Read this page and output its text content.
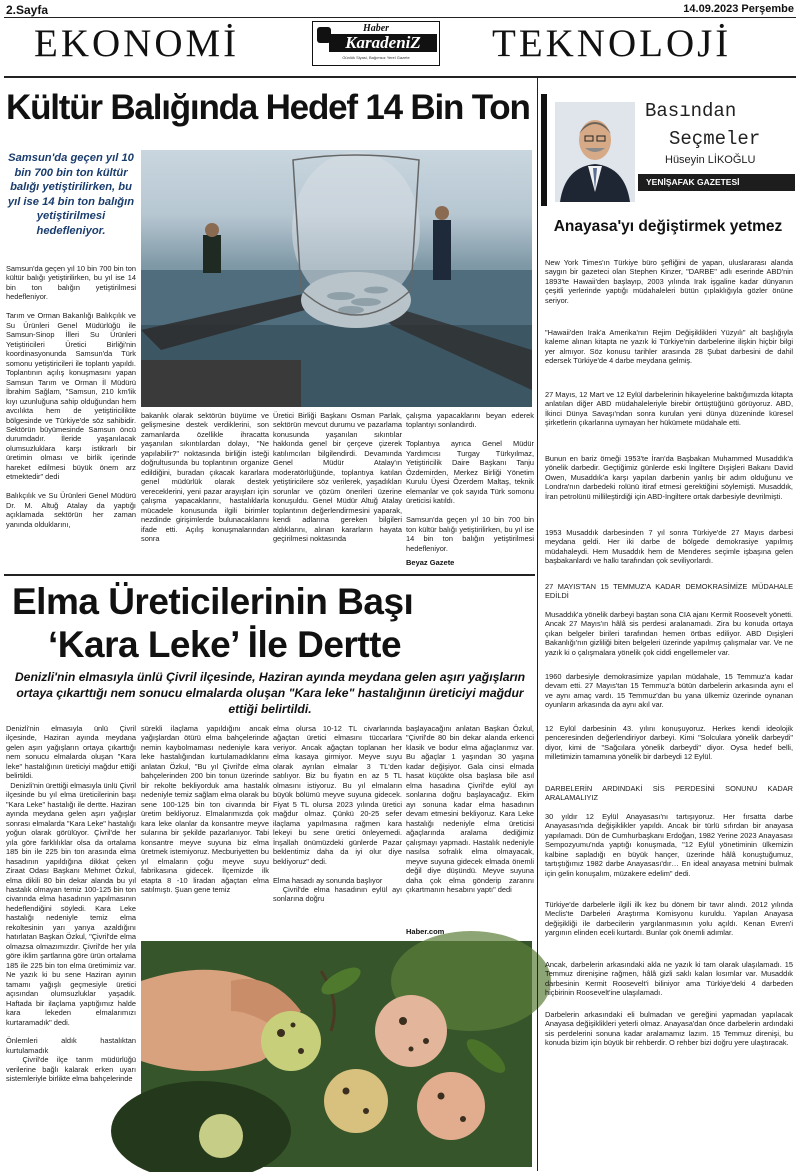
2.Sayfa	14.09.2023 Perşembe
EKONOMİ	TEKNOLOJİ
Haber
KaradeniZ
Günlük Siyasi, Bağımsız Yerel Gazete
Kültür Balığında Hedef 14 Bin Ton
Samsun'da geçen yıl 10 bin 700 bin ton kültür balığı yetiştirilirken, bu yıl ise 14 bin ton balığın yetiştirilmesi hedefleniyor.
Samsun'da geçen yıl 10 bin 700 bin ton kültür balığı yetiştirilirken, bu yıl ise 14 bin ton balığın yetiştirilmesi hedefleniyor.

Tarım ve Orman Bakanlığı Balıkçılık ve Su Ürünleri Genel Müdürlüğü ile Samsun-Sinop İlleri Su Ürünleri Yetiştiricileri Üretici Birliği'nin koordinasyonunda Samsun'da Türk somonu yetiştiricileri ile toplantı yapıldı. Toplantının açılış konuşmasını yapan Samsun Tarım ve Orman İl Müdürü İbrahim Sağlam, "Samsun, 210 km'lik kıyı uzunluğuna sahip olduğundan hem avcılıkta hem de yetiştiricilikte bölgesinde ve Türkiye'de söz sahibidir. Sektörün büyümesinde Samsun öncü durumdadır. İleride yaşanılacak olumsuzluklara karşı istikrarlı bir üretimin olması ve birlik içerinde hareket edilmesi büyük önem arz etmektedir" dedi

Balıkçılık ve Su Ürünleri Genel Müdürü Dr. M. Altuğ Atalay da yaptığı açıklamada sektörün her zaman yanında olduklarını,
bakanlık olarak sektörün büyüme ve gelişmesine destek verdiklerini, son zamanlarda özellikle ihracatta yaşanılan sıkıntılardan dolayı, "Ne yapılabilir?" noktasında birliğin isteği doğrultusunda bu toplantının organize edildiğini, buradan çıkacak kararlara genel müdürlük olarak destek vereceklerini, yeni pazar arayışları için çalışma yapacaklarını, hastalıklarla mücadele konusunda ilgili birimler nezdinde girişimlerde bulunacaklarını ifade etti. Açılış konuşmalarından sonra
Üretici Birliği Başkanı Osman Parlak, sektörün mevcut durumu ve pazarlama konusunda yaşanılan sıkıntılar hakkında genel bir çerçeve çizerek katılımcıları bilgilendirdi. Devamında Genel Müdür Atalay'ın moderatörlüğünde, toplantıya katılan yetiştiricilere söz verilerek, yaşadıkları sorunlar ve çözüm önerileri üzerine konuşuldu. Genel Müdür Altuğ Atalay toplantının değerlendirmesini yaparak, kendi adlarına gereken bilgileri aldıklarını, alınan kararların hayata geçirilmesi noktasında
çalışma yapacaklarını beyan ederek toplantıyı sonlandırdı.

Toplantıya ayrıca Genel Müdür Yardımcısı Turgay Türkyılmaz, Yetiştiricilik Daire Başkanı Tanju Özdemirden, Merkez Birliği Yönetim Kurulu Üyesi Özerdem Maltaş, teknik elemanlar ve çok sayıda Türk somonu üreticisi katıldı.

Samsun'da geçen yıl 10 bin 700 bin ton kültür balığı yetiştirilirken, bu yıl ise 14 bin ton balığın yetiştirilmesi hedefleniyor.
Beyaz Gazete
Elma Üreticilerinin Başı
‘Kara Leke’ İle Dertte
Denizli'nin elmasıyla ünlü Çivril ilçesinde, Haziran ayında meydana gelen aşırı yağışların ortaya çıkarttığı nem sonucu elmalarda oluşan "Kara leke" hastalığının üreticiyi mağdur ettiği belirtildi.
Denizli'nin elmasıyla ünlü Çivril ilçesinde, Haziran ayında meydana gelen aşırı yağışların ortaya çıkarttığı nem sonucu elmalarda oluşan "Kara leke" hastalığının üreticiyi mağdur ettiği belirtildi.
Denizli'nin ürettiği elmasıyla ünlü Çivril ilçesinde bu yıl elma üreticilerinin başı "Kara Leke" hastalığı ile dertte. Haziran ayında meydana gelen aşırı yağışlar sonrası elmalarda "Kara Leke" hastalığı yoğun olarak görülüyor. Çivril'de her yıla göre farklılıklar olsa da ortalama 185 bin ile 225 bin ton arasında elma hasadının yapıldığına dikkat çeken Ziraat Odası Başkanı Mehmet Özkul, elma dikili 80 bin dekar alanda bu yıl hastalık olmayan temiz 100-125 bin ton civarında elma hasadının yapılmasının hedeflendiğini söyledi. Kara Leke hastalığı nedeniyle temiz elma rekoltesinin yarı yarıya azaldığını hatırlatan Başkan Özkul, "Çivril'de elma olmazsa olmazımızdır. Çivril'de her yıla göre iklim şartlarına göre ürün ortalama 185 ile 225 bin ton elma üretimimiz var. Ne yazık ki bu sene Haziran ayının tamamı yağışlı geçmesiyle üretici açısından olumsuzluklar yaşadık. Haftada bir ilaçlama yaptığımız halde kara lekeden elmalarımızı kurtaramadık" dedi.

Önlemleri aldık hastalıktan kurtulamadık
Çivril'de ilçe tarım müdürlüğü verilerine bağlı kalarak erken uyarı sistemleriyle birlikte elma bahçelerinde
sürekli ilaçlama yapıldığını ancak yağışlardan ötürü elma bahçelerinde nemin kaybolmaması nedeniyle kara leke hastalığından kurtulamadıklarını anlatan Özkul, "Bu yıl Çivril'de elma bahçelerinden 200 bin tonun üzerinde bir rekolte bekliyorduk ama hastalık nedeniyle temiz sağlam elma olarak bu sene 100-125 bin ton civarında bir üretim bekliyoruz. Elmalarımızda çok kara leke olanlar da konsantre meyve sularına bir şekilde pazarlanıyor. Tabi konsantre meyve suyuna biz elma üretmek istemiyoruz. Mecburiyetten bu yıl elmaların çoğu meyve suyu fabrikasına gidecek. İlçemizde ilk etapta 8 -10 liradan ağaçtan elma satılmıştı. Şuan gene temiz
elma olursa 10-12 TL civarlarında ağaçtan üretici elmasını tüccarlara veriyor. Ancak ağaçtan toplanan her elma kasaya girmiyor. Meyve suyu olarak ayrılan elmalar 3 TL'den satılıyor. Biz bu fiyatın en az 5 TL olmasını istiyoruz. Bu yıl elmaların büyük bölümü meyve suyuna gidecek. Fiyat 5 TL olursa 2023 yılında üretici mağdur olmaz. Çünkü 20-25 sefer ilaçlama yapılmasına rağmen kara lekeyi bu sene üretici önleyemedi. İnşallah önümüzdeki günlerde Pazar beklentimiz daha da iyi olur diye bekliyoruz" dedi.

Elma hasadı ay sonunda başlıyor
Çivril'de elma hasadının eylül ayı sonlarına doğru
başlayacağını anlatan Başkan Özkul, "Çivril'de 80 bin dekar alanda erkenci klasik ve bodur elma ağaçlarımız var. Bu ağaçlar 1 yaşından 30 yaşına kadar değişiyor. Gala cinsi elmada hasat küçükte olsa başlasa bile asıl elma hasadına Çivril'de eylül ayı sonlarına doğru başlayacağız. Ekim ayı sonuna kadar elma hasadının devam etmesini bekliyoruz. Kara Leke hastalığı nedeniyle elma üreticisi ağaçlarında aralama dediğimiz çalışmayı yapmadı. Hastalık nedeniyle nasılsa sofralık elma olmayacak, meyve suyuna gidecek elmada önemli değil diye düşündü. Meyve suyuna daha çok elma gönderip zararını çıkartmanın hesabını yaptı" dedi
Haber.com
Basından
Seçmeler
Hüseyin LİKOĞLU
YENİŞAFAK GAZETESİ
Anayasa'yı değiştirmek yetmez

New York Times'ın Türkiye büro şefliğini de yapan, uluslararası alanda saygın bir gazeteci olan Stephen Kinzer, "DARBE" adlı eserinde ABD'nin 1893'te Hawaii'den başlayıp, 2003 yılında Irak işgaline kadar dünyanın çeşitli yerlerinde yaptığı müdahaleleri bütün çıplaklığıyla gözler önüne seriyor.

"Hawaii'den Irak'a Amerika'nın Rejim Değişiklikleri Yüzyılı" alt başlığıyla kaleme alınan kitapta ne yazık ki Türkiye'nin darbelerine ilişkin hiçbir bilgi yer almıyor. Söz konusu tarihler arasında 28 Şubat darbesini de dahil edersek Türkiye'de 4 darbe meydana gelmiş.

27 Mayıs, 12 Mart ve 12 Eylül darbelerinin hikayelerine baktığımızda kitapta anlatılan diğer ABD müdahaleleriyle birebir örtüştüğünü görüyoruz. ABD, İkinci Dünya Savaşı'ndan sonra kurulan yeni dünya düzeninde küresel şirketlerin çıkarlarına uymayan her hükümete müdahale etti.

Bunun en bariz örneği 1953'te İran'da Başbakan Muhammed Musaddık'a yönelik darbedir. Geçtiğimiz günlerde eski İngiltere Dışişleri Bakanı David Owen, Musaddık'a karşı yapılan darbenin yanlış bir adım olduğunu ve Londra'nın darbedeki rolünü itiraf etmesi gerektiğini söylemişti. Musaddık, İran petrolünü millileştirdiği için ABD-İngiltere ortak darbesiyle devrilmişti.

1953 Musaddık darbesinden 7 yıl sonra Türkiye'de 27 Mayıs darbesi meydana geldi. Her iki darbe de bölgede demokrasiye yapılmış müdahaleydi. Hem Musaddık hem de Menderes seçimle işbaşına gelen başbakanlardı ve halkı tarafından çok seviliyorlardı.

27 MAYIS'TAN 15 TEMMUZ'A KADAR DEMOKRASİMİZE MÜDAHALE EDİLDİ

Musaddık'a yönelik darbeyi baştan sona CIA ajanı Kermit Roosevelt yönetti. Ancak 27 Mayıs'ın hâlâ sis perdesi aralanamadı. Zira bu konuda ortaya çıkan belgeler birileri tarafından hemen örtbas ediliyor. ABD Dışişleri Bakanlığı'nın gizliliği biten belgeleri üzerinde yapılmış çalışmalar var. Ve ne yazık ki o çalışmalara yönelik çok ciddi engellemeler var.

1960 darbesiyle demokrasimize yapılan müdahale, 15 Temmuz'a kadar devam etti. 27 Mayıs'tan 15 Temmuz'a bütün darbelerin arkasında aynı el ve aynı amaç vardı. 15 Temmuz'dan bu yana ülkemiz üzerinde oynanan oyunların arkasında da aynı akıl var.

12 Eylül darbesinin 43. yılını konuşuyoruz. Herkes kendi ideolojik penceresinden değerlendiriyor darbeyi. Kimi "Solculara yönelik darbeydi" diyor, kimi de "Sağcılara yönelik darbeydi" diyor. Oysa hedef belli, milletimizin tamamına yönelik bir darbeydi 12 Eylül.

DARBELERİN ARDINDAKİ SİS PERDESİNİ SONUNU KADAR ARALAMALIYIZ

30 yıldır 12 Eylül Anayasası'nı tartışıyoruz. Her fırsatta darbe Anayasası'nda değişiklikler yapıldı. Ancak bir türlü sıfırdan bir anayasa yapılamadı. Dün de Cumhurbaşkanı Erdoğan, 1982 Yerine 2023 Anayasası Sempozyumu'nda yaptığı konuşmada, "12 Eylül yönetiminin ülkemizin kalbine sapladığı en büyük hançer, üzerinde hâlâ konuştuğumuz, tartıştığımız 1982 darbe Anayasası'dır… En ideal anayasa metnini bulmak için gelin konuşalım, müzakere edelim" dedi.

Türkiye'de darbelerle ilgili ilk kez bu dönem bir tavır alındı. 2012 yılında Meclis'te Darbeleri Araştırma Komisyonu kuruldu. Yapılan Anayasa değişikliği ile darbecilerin yargılanmasının yolu açıldı. Kenan Evren'i yargının elinden eceli kurtardı. Bunlar çok önemli adımlar.

Ancak, darbelerin arkasındaki akla ne yazık ki tam olarak ulaşılamadı. 15 Temmuz direnişine rağmen, hâlâ gizli saklı kalan kısımlar var. Musaddık darbesinin Kermit Roosevelt'i biliniyor ama Türkiye'deki 4 darbeden hiçbirinin Roosevelt'ine ulaşılamadı.

Darbelerin arkasındaki eli bulmadan ve gereğini yapmadan yapılacak Anayasa değişiklikleri yeterli olmaz. Anayasa'dan önce darbelerin ardındaki sis perdelerini sonuna kadar aralamamız lazım. 15 Temmuz direnişi, bu konuda bizim için büyük bir rehberdir. O rehber bizi doğru yere ulaştıracak.
